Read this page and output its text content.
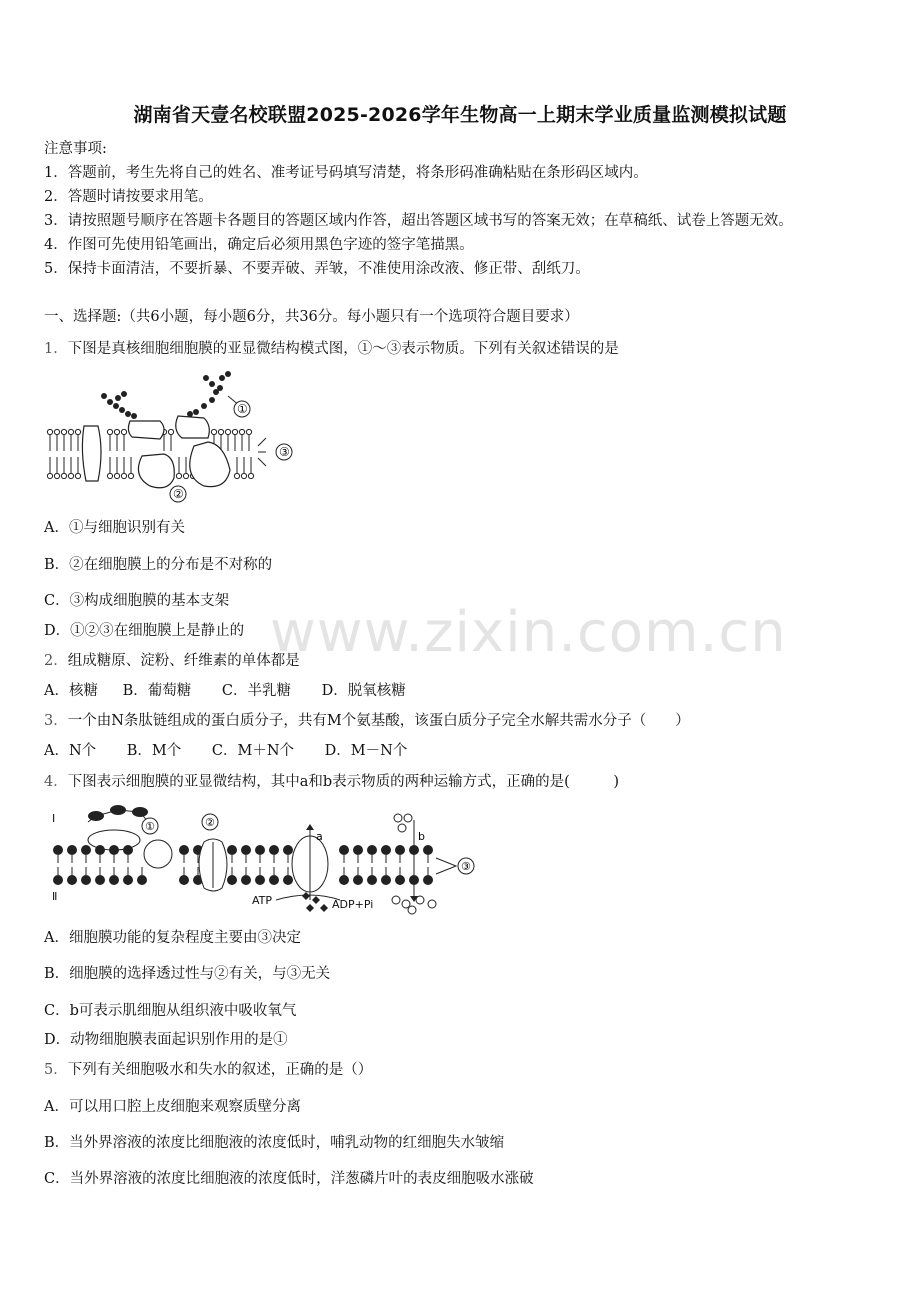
湖南省天壹名校联盟2025-2026学年生物高一上期末学业质量监测模拟试题
注意事项:
1．答题前，考生先将自己的姓名、准考证号码填写清楚，将条形码准确粘贴在条形码区域内。
2．答题时请按要求用笔。
3．请按照题号顺序在答题卡各题目的答题区域内作答，超出答题区域书写的答案无效；在草稿纸、试卷上答题无效。
4．作图可先使用铅笔画出，确定后必须用黑色字迹的签字笔描黑。
5．保持卡面清洁，不要折暴、不要弄破、弄皱，不准使用涂改液、修正带、刮纸刀。
一、选择题:（共6小题，每小题6分，共36分。每小题只有一个选项符合题目要求）
1．下图是真核细胞细胞膜的亚显微结构模式图，①～③表示物质。下列有关叙述错误的是
①
②
③
A．①与细胞识别有关
B．②在细胞膜上的分布是不对称的
C．③构成细胞膜的基本支架
D．①②③在细胞膜上是静止的
2．组成糖原、淀粉、纤维素的单体都是
A．核糖 B．葡萄糖 C．半乳糖 D．脱氧核糖
3．一个由N条肽链组成的蛋白质分子，共有M个氨基酸，该蛋白质分子完全水解共需水分子（　　）
A．N个 B．M个 C．M＋N个 D．M－N个
4．下图表示细胞膜的亚显微结构，其中a和b表示物质的两种运输方式，正确的是(　　　)
Ⅰ
Ⅱ
①	②
a	b
ATP	ADP+Pi
③
A．细胞膜功能的复杂程度主要由③决定
B．细胞膜的选择透过性与②有关，与③无关
C．b可表示肌细胞从组织液中吸收氧气
D．动物细胞膜表面起识别作用的是①
5．下列有关细胞吸水和失水的叙述，正确的是（）
A．可以用口腔上皮细胞来观察质壁分离
B．当外界溶液的浓度比细胞液的浓度低时，哺乳动物的红细胞失水皱缩
C．当外界溶液的浓度比细胞液的浓度低时，洋葱磷片叶的表皮细胞吸水涨破
www.zixin.com.cn
